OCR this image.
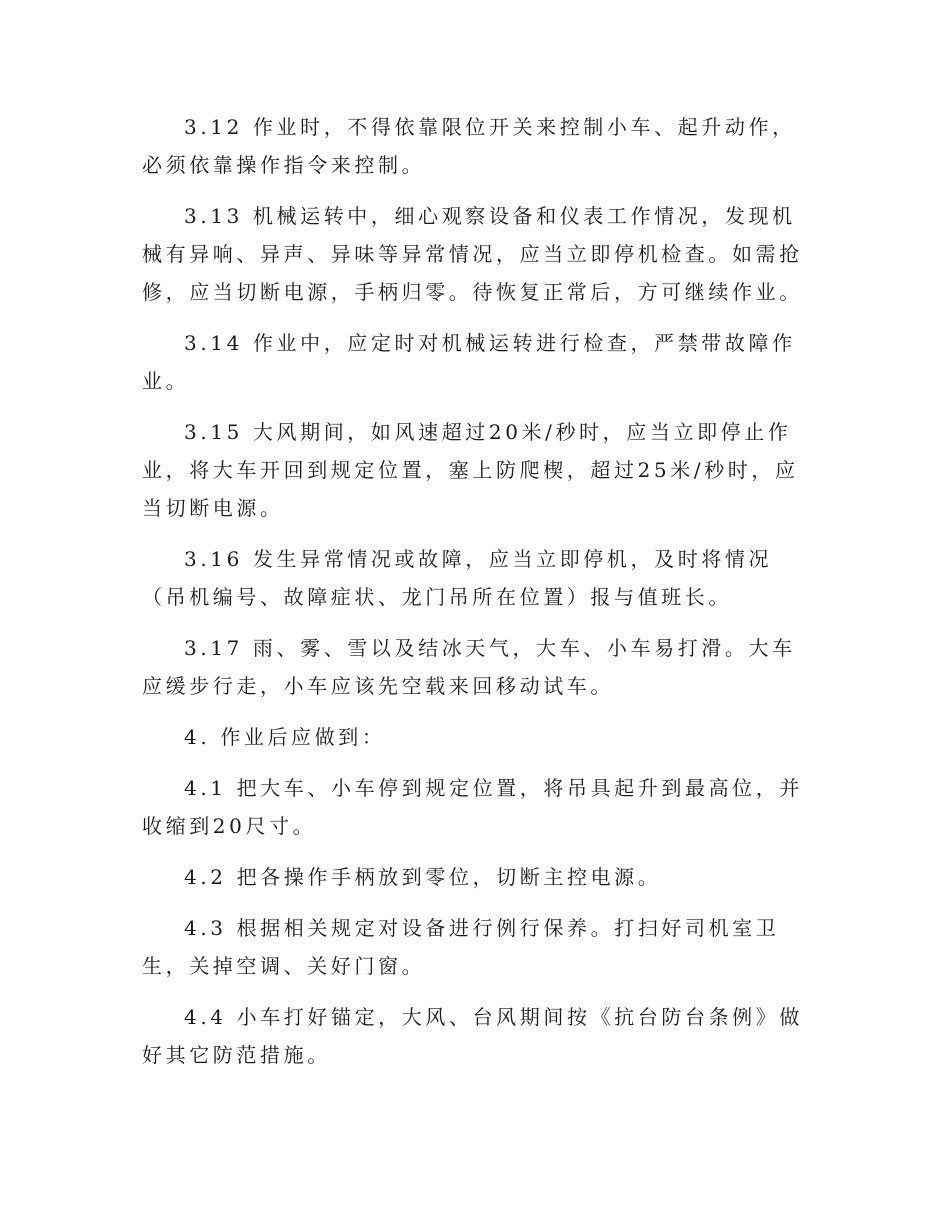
3.12 作业时，不得依靠限位开关来控制小车、起升动作，必须依靠操作指令来控制。

3.13 机械运转中，细心观察设备和仪表工作情况，发现机械有异响、异声、异味等异常情况，应当立即停机检查。如需抢修，应当切断电源，手柄归零。待恢复正常后，方可继续作业。

3.14 作业中，应定时对机械运转进行检查，严禁带故障作业。

3.15 大风期间，如风速超过20米/秒时，应当立即停止作业，将大车开回到规定位置，塞上防爬楔，超过25米/秒时，应当切断电源。

3.16 发生异常情况或故障，应当立即停机，及时将情况（吊机编号、故障症状、龙门吊所在位置）报与值班长。

3.17 雨、雾、雪以及结冰天气，大车、小车易打滑。大车应缓步行走，小车应该先空载来回移动试车。

4. 作业后应做到：

4.1 把大车、小车停到规定位置，将吊具起升到最高位，并收缩到20尺寸。

4.2 把各操作手柄放到零位，切断主控电源。

4.3 根据相关规定对设备进行例行保养。打扫好司机室卫生，关掉空调、关好门窗。

4.4 小车打好锚定，大风、台风期间按《抗台防台条例》做好其它防范措施。
